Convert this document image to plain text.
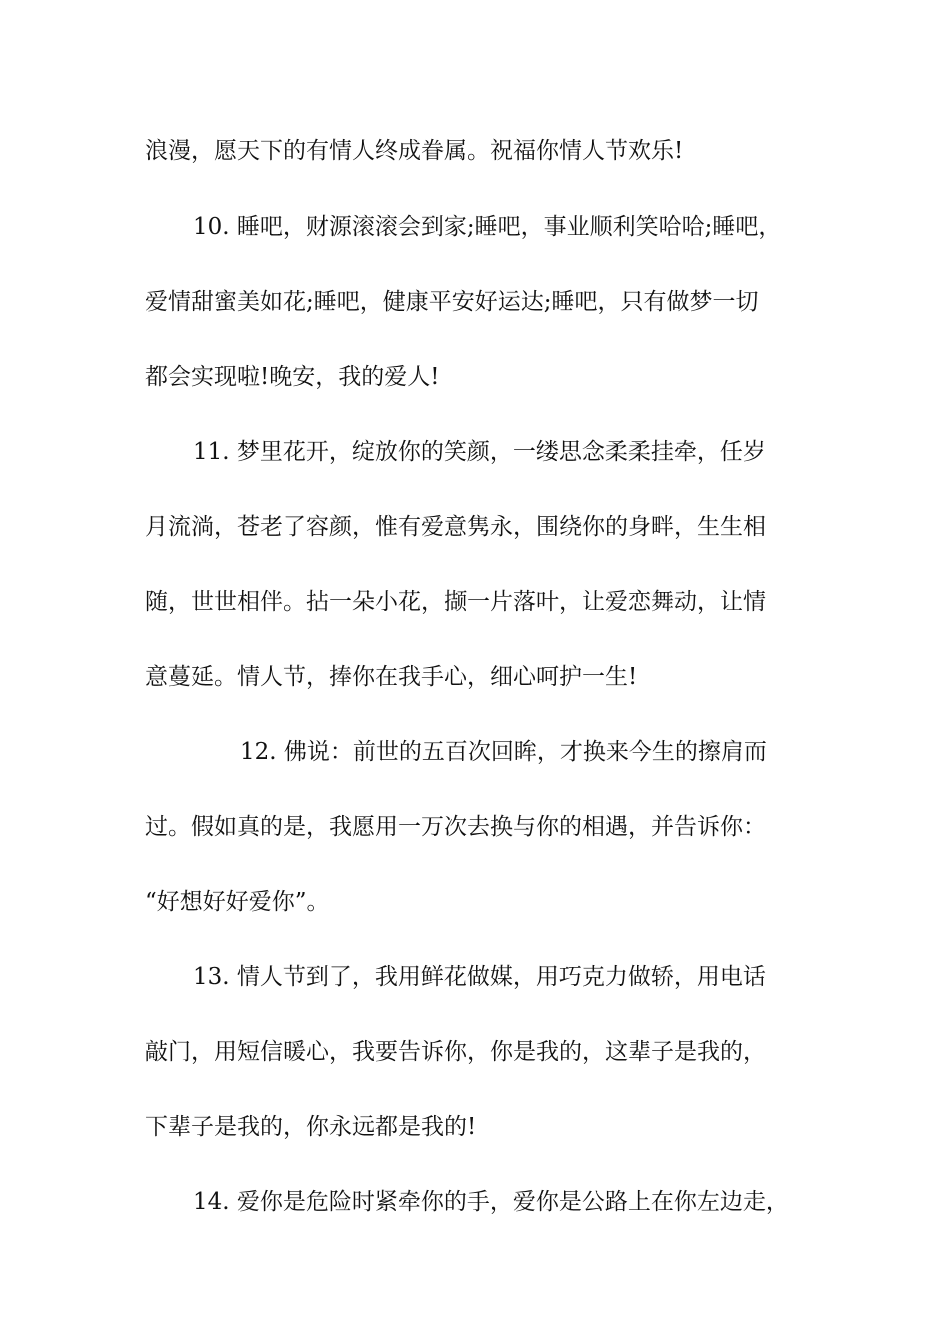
浪漫，愿天下的有情人终成眷属。祝福你情人节欢乐!

10. 睡吧，财源滚滚会到家;睡吧，事业顺利笑哈哈;睡吧，

爱情甜蜜美如花;睡吧，健康平安好运达;睡吧，只有做梦一切

都会实现啦!晚安，我的爱人!

11. 梦里花开，绽放你的笑颜，一缕思念柔柔挂牵，任岁

月流淌，苍老了容颜，惟有爱意隽永，围绕你的身畔，生生相

随，世世相伴。拈一朵小花，撷一片落叶，让爱恋舞动，让情

意蔓延。情人节，捧你在我手心，细心呵护一生!

12. 佛说：前世的五百次回眸，才换来今生的擦肩而

过。假如真的是，我愿用一万次去换与你的相遇，并告诉你：

“好想好好爱你”。

13. 情人节到了，我用鲜花做媒，用巧克力做轿，用电话

敲门，用短信暖心，我要告诉你，你是我的，这辈子是我的，

下辈子是我的，你永远都是我的!

14. 爱你是危险时紧牵你的手，爱你是公路上在你左边走，
